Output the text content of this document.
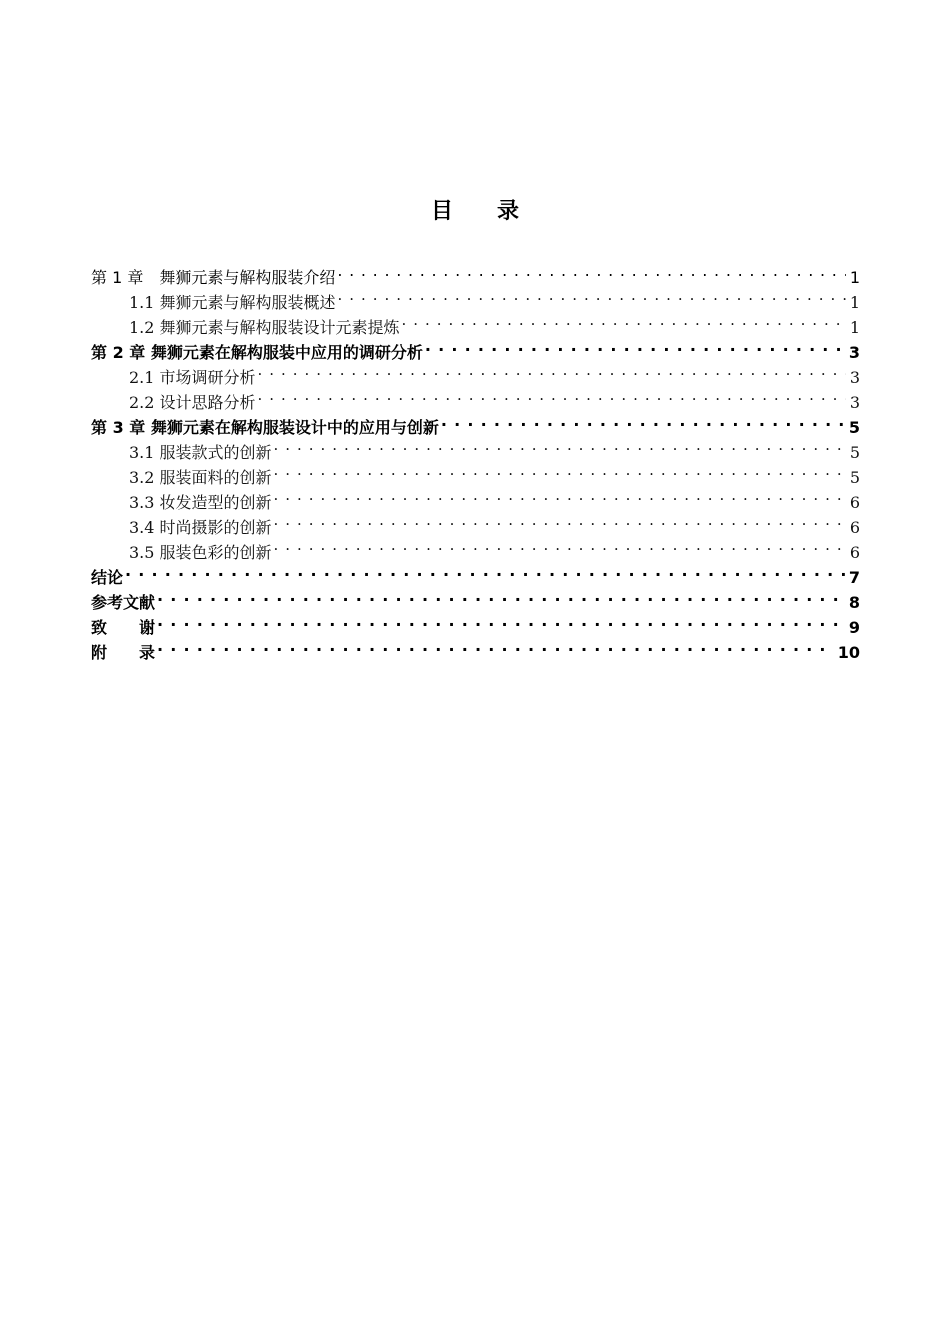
目　　录
第 1 章　舞狮元素与解构服装介绍 . . .	1
1.1 舞狮元素与解构服装概述 . . .	1
1.2 舞狮元素与解构服装设计元素提炼 . . .	1
第 2 章 舞狮元素在解构服装中应用的调研分析 . . .	3
2.1 市场调研分析 . . .	3
2.2 设计思路分析 . . .	3
第 3 章 舞狮元素在解构服装设计中的应用与创新 . . .	5
3.1 服装款式的创新 . . .	5
3.2 服装面料的创新 . . .	5
3.3 妆发造型的创新 . . .	6
3.4 时尚摄影的创新 . . .	6
3.5 服装色彩的创新 . . .	6
结论 . . .	7
参考文献 . . .	8
致　　谢 . . .	9
附　　录 . . .	10
